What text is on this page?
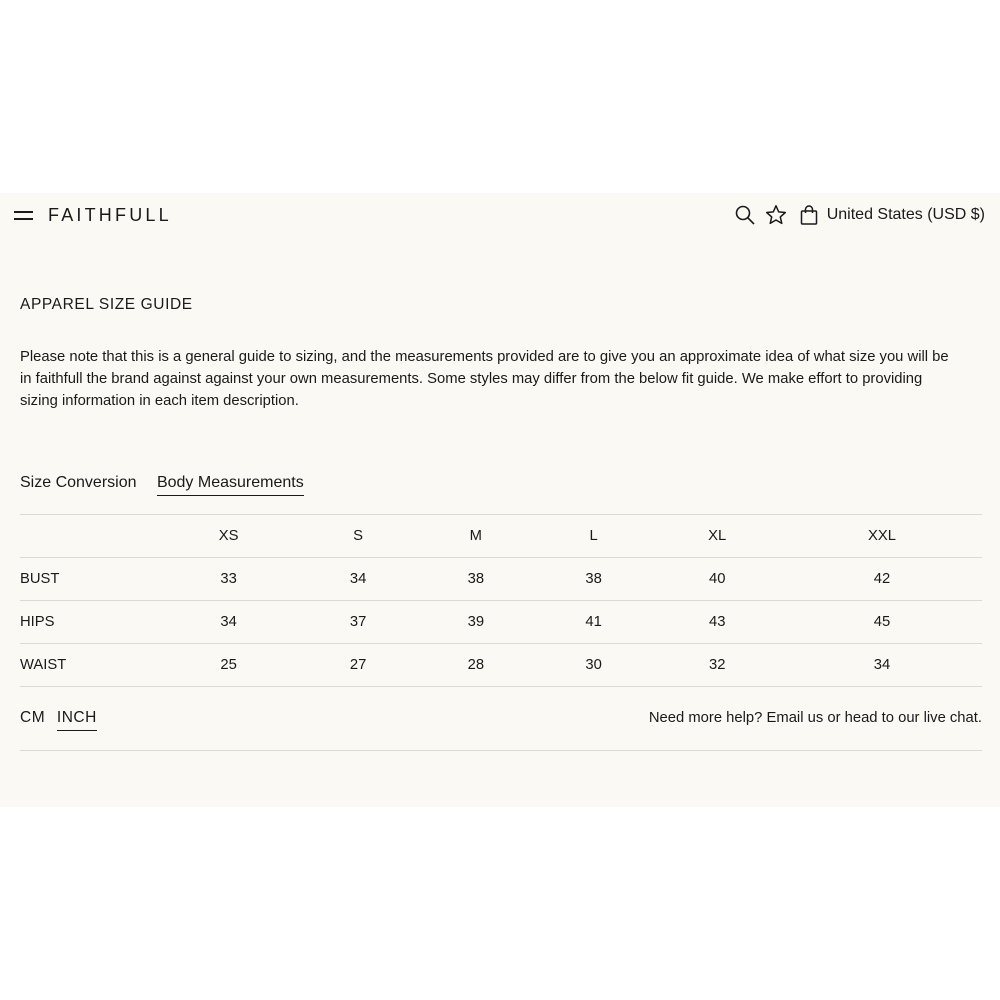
FAITHFULL	United States (USD $)
APPAREL SIZE GUIDE

Please note that this is a general guide to sizing, and the measurements provided are to give you an approximate idea of what size you will be in faithfull the brand against against your own measurements. Some styles may differ from the below fit guide. We make effort to providing sizing information in each item description.

Size Conversion Body Measurements
	XS	S	M	L	XL	XXL
BUST	33	34	38	38	40	42
HIPS	34	37	39	41	43	45
WAIST	25	27	28	30	32	34
CM INCH	Need more help? Email us or head to our live chat.
